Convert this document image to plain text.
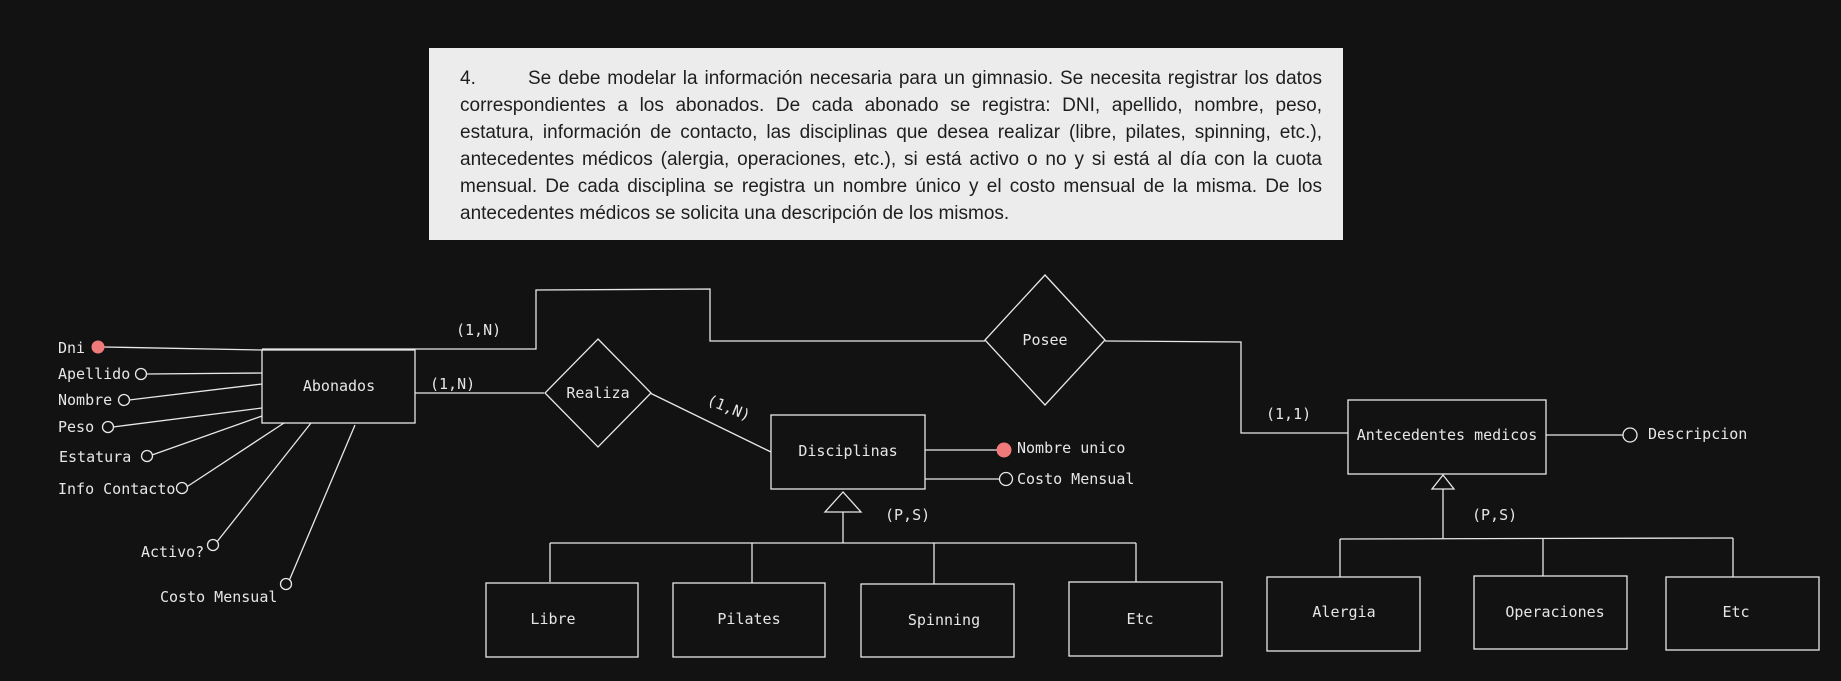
4.	Se debe modelar la información necesaria para un gimnasio. Se necesita registrar los datos correspondientes a los abonados. De cada abonado se registra: DNI, apellido, nombre, peso, estatura, información de contacto, las disciplinas que desea realizar (libre, pilates, spinning, etc.), antecedentes médicos (alergia, operaciones, etc.), si está activo o no y si está al día con la cuota mensual. De cada disciplina se registra un nombre único y el costo mensual de la misma. De los antecedentes médicos se solicita una descripción de los mismos.
Posee
Realiza
Abonados
Disciplinas
Antecedentes medicos
Libre	Pilates	Spinning	Etc	Alergia	Operaciones	Etc
Dni
Apellido
Nombre
Peso
Estatura
Info Contacto
Activo?
Costo Mensual
Nombre unico
Costo Mensual
Descripcion
(1,N)
(1,N)
(1,N)	(1,1)
(P,S)	(P,S)
